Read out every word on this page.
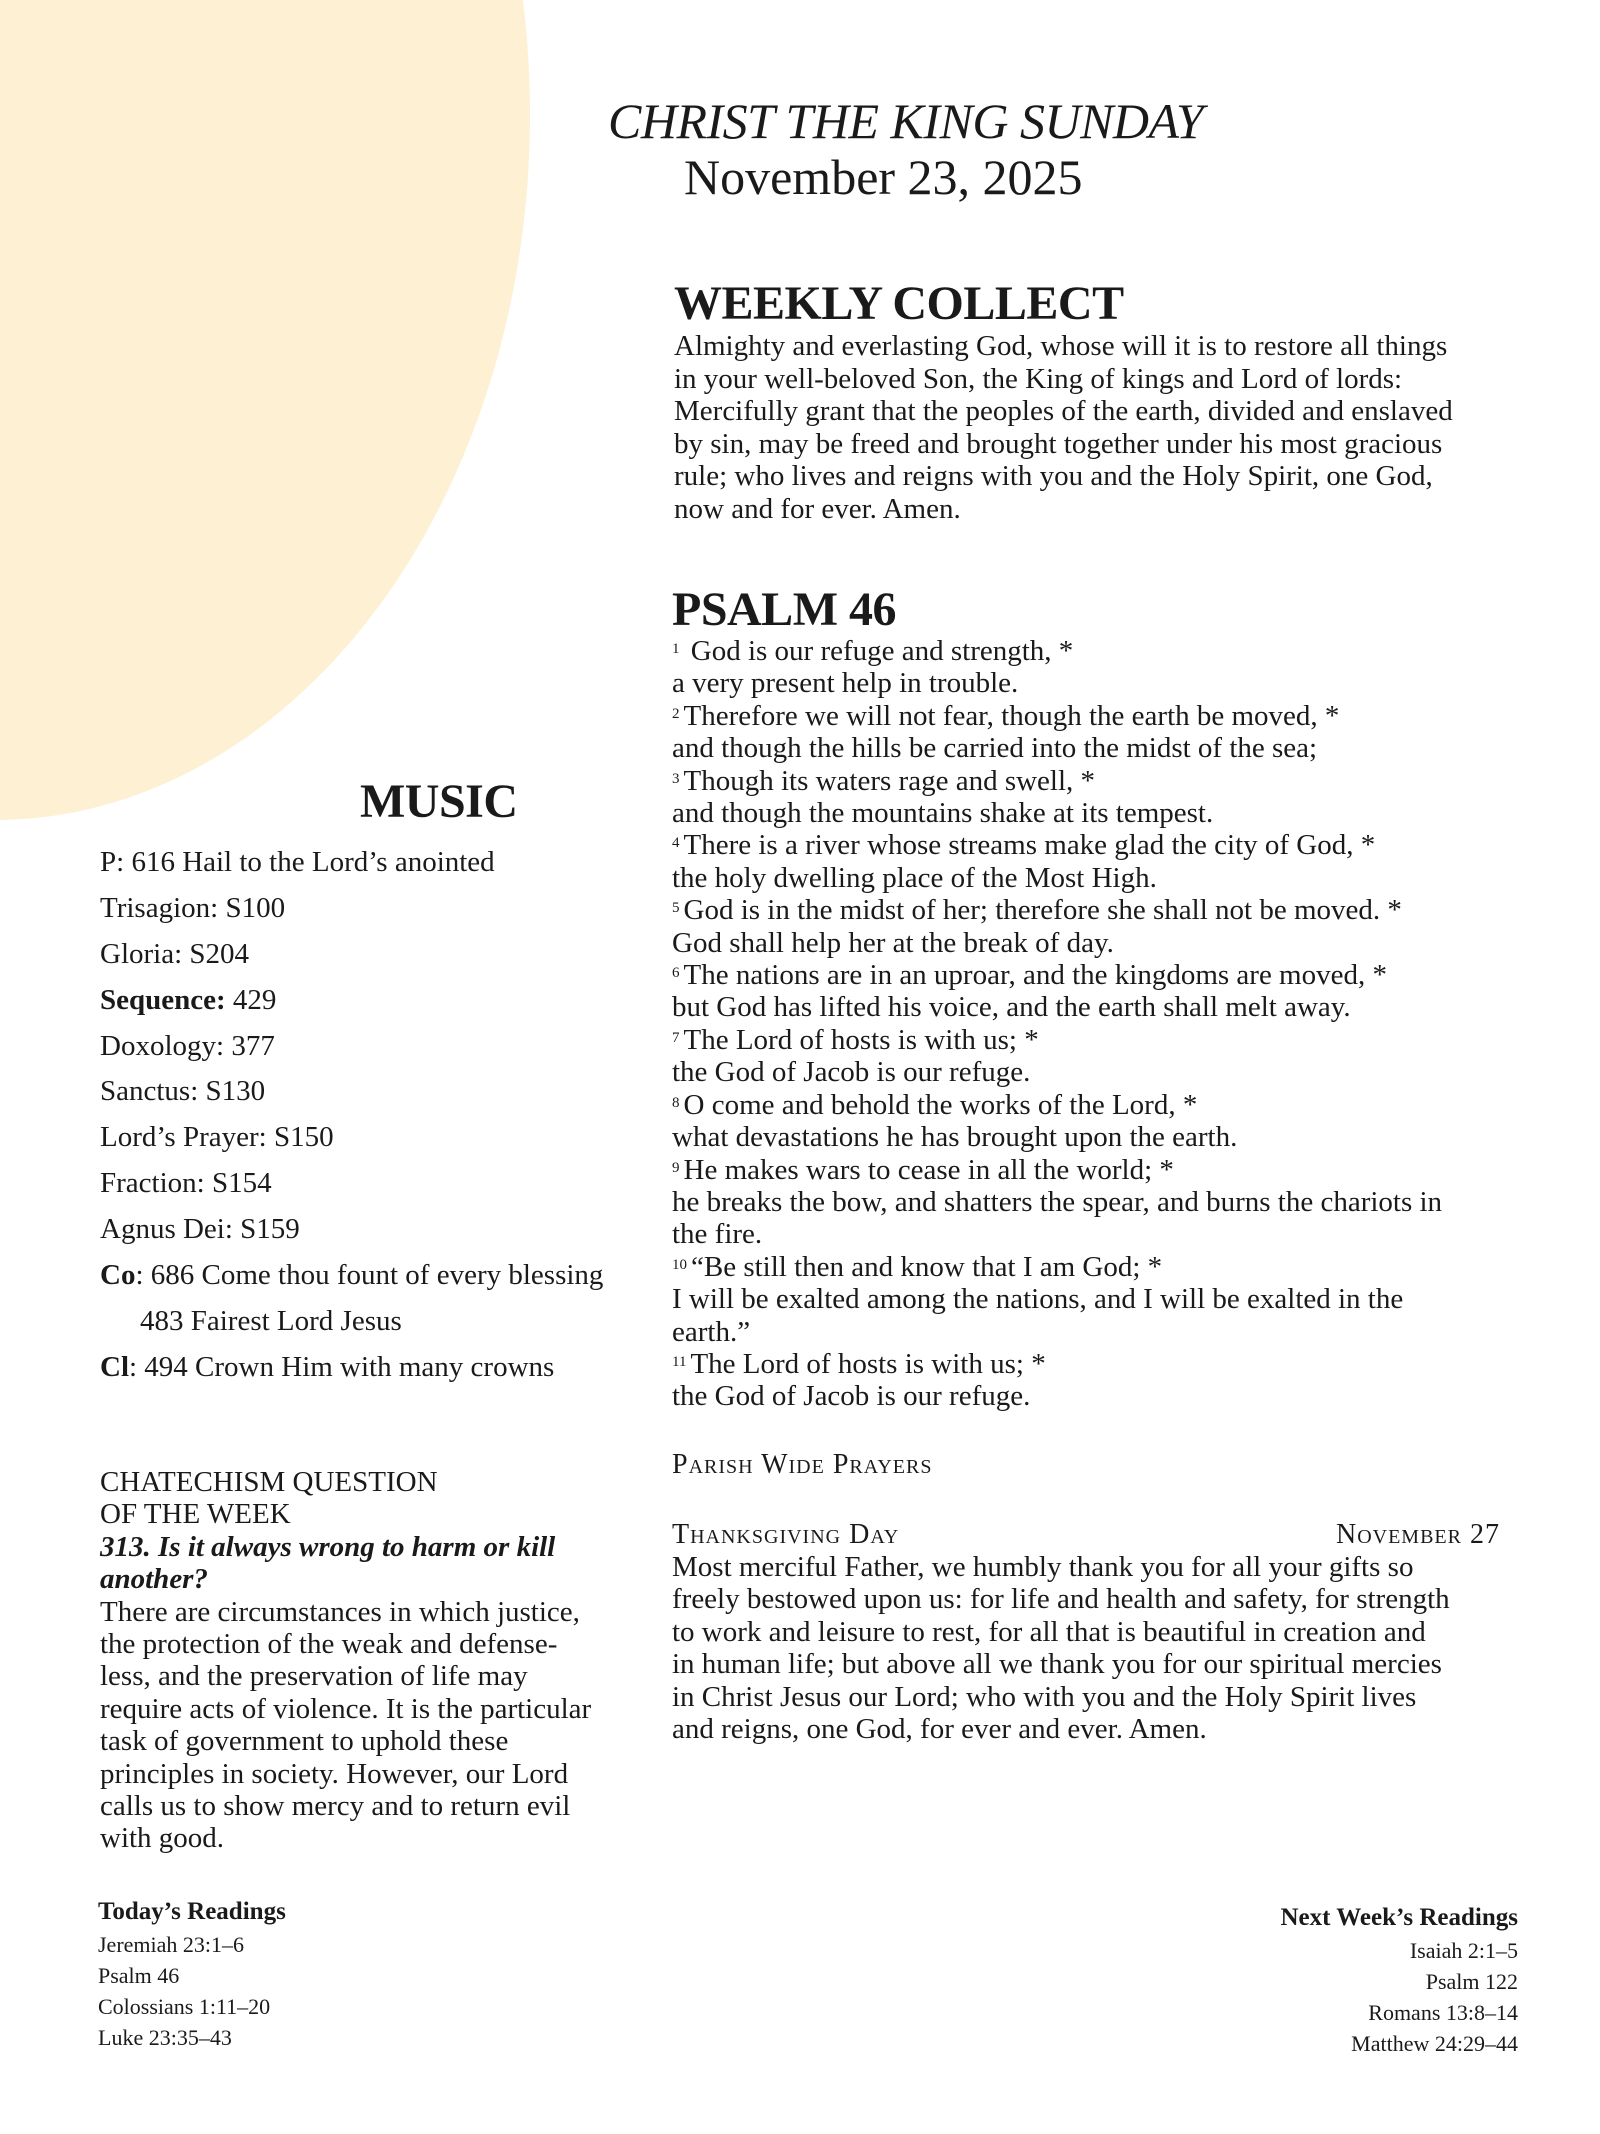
CHRIST THE KING SUNDAY
November 23, 2025
WEEKLY COLLECT
Almighty and everlasting God, whose will it is to restore all things
in your well-beloved Son, the King of kings and Lord of lords:
Mercifully grant that the peoples of the earth, divided and enslaved
by sin, may be freed and brought together under his most gracious
rule; who lives and reigns with you and the Holy Spirit, one God,
now and for ever. Amen.
PSALM 46
$^1$ God is our refuge and strength, *
a very present help in trouble.
$^2$ Therefore we will not fear, though the earth be moved, *
and though the hills be carried into the midst of the sea;
$^3$ Though its waters rage and swell, *
and though the mountains shake at its tempest.
$^4$ There is a river whose streams make glad the city of God, *
the holy dwelling place of the Most High.
$^5$ God is in the midst of her; therefore she shall not be moved. *
God shall help her at the break of day.
$^6$ The nations are in an uproar, and the kingdoms are moved, *
but God has lifted his voice, and the earth shall melt away.
$^7$ The Lord of hosts is with us; *
the God of Jacob is our refuge.
$^8$ O come and behold the works of the Lord, *
what devastations he has brought upon the earth.
$^9$ He makes wars to cease in all the world; *
he breaks the bow, and shatters the spear, and burns the chariots in
the fire.
$^{10}$ “Be still then and know that I am God; *
I will be exalted among the nations, and I will be exalted in the
earth.”
$^{11}$ The Lord of hosts is with us; *
the God of Jacob is our refuge.
Parish Wide Prayers
Thanksgiving Day	November 27
Most merciful Father, we humbly thank you for all your gifts so
freely bestowed upon us: for life and health and safety, for strength
to work and leisure to rest, for all that is beautiful in creation and
in human life; but above all we thank you for our spiritual mercies
in Christ Jesus our Lord; who with you and the Holy Spirit lives
and reigns, one God, for ever and ever. Amen.
MUSIC
P: 616 Hail to the Lord’s anointed
Trisagion: S100
Gloria: S204
Sequence: 429
Doxology: 377
Sanctus: S130
Lord’s Prayer: S150
Fraction: S154
Agnus Dei: S159
Co: 686 Come thou fount of every blessing
483 Fairest Lord Jesus
Cl: 494 Crown Him with many crowns
CHATECHISM QUESTION
OF THE WEEK
313. Is it always wrong to harm or kill
another?
There are circumstances in which justice,
the protection of the weak and defense-
less, and the preservation of life may
require acts of violence. It is the particular
task of government to uphold these
principles in society. However, our Lord
calls us to show mercy and to return evil
with good.
Today’s Readings
Jeremiah 23:1–6
Psalm 46
Colossians 1:11–20
Luke 23:35–43
Next Week’s Readings
Isaiah 2:1–5
Psalm 122
Romans 13:8–14
Matthew 24:29–44
